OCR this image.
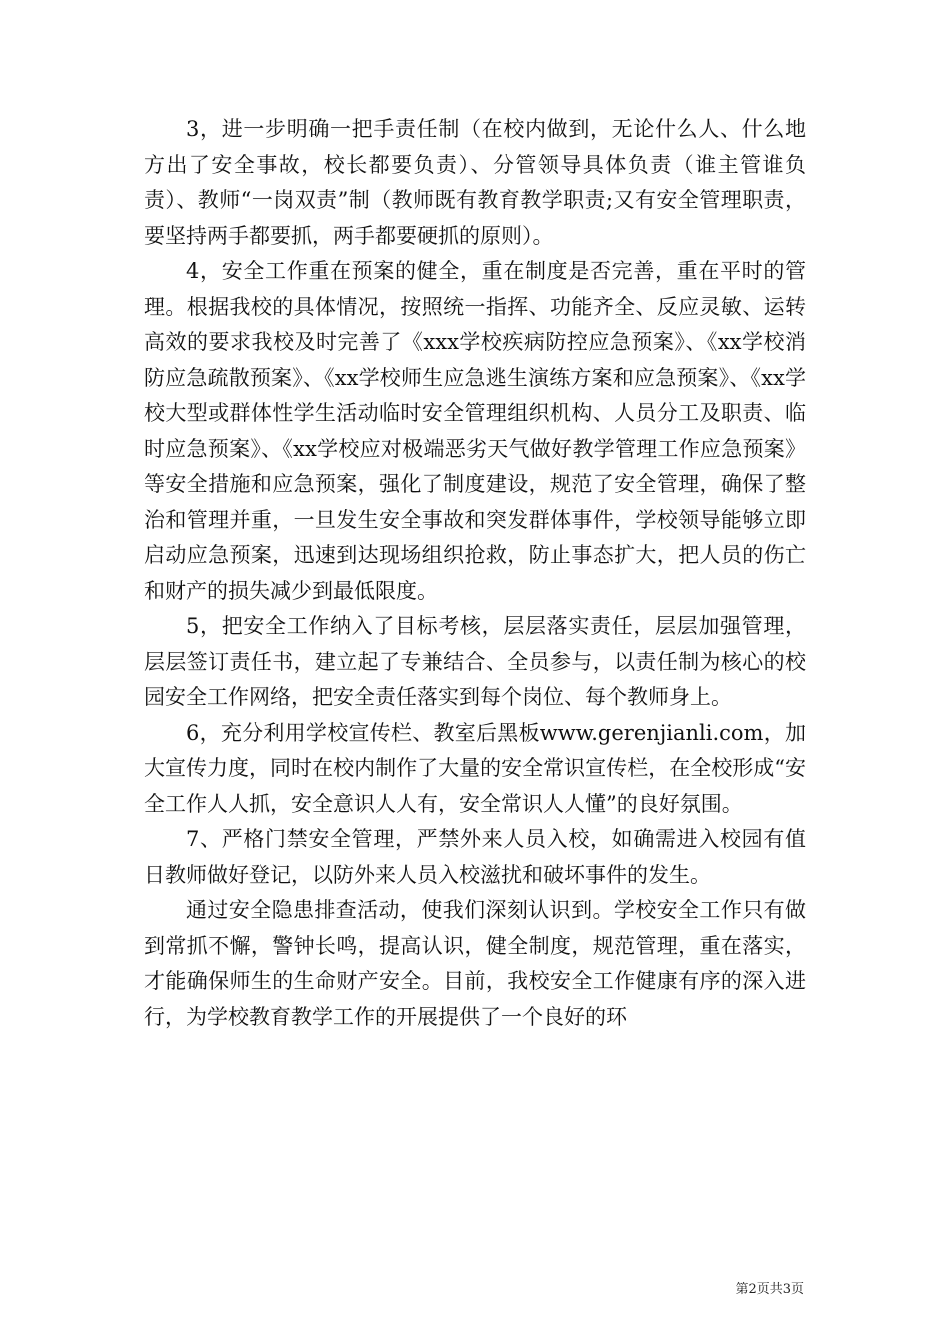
3，进一步明确一把手责任制（在校内做到，无论什么人、什么地方出了安全事故，校长都要负责）、分管领导具体负责（谁主管谁负责）、教师“一岗双责”制（教师既有教育教学职责;又有安全管理职责，要坚持两手都要抓，两手都要硬抓的原则）。

4，安全工作重在预案的健全，重在制度是否完善，重在平时的管理。根据我校的具体情况，按照统一指挥、功能齐全、反应灵敏、运转高效的要求我校及时完善了《xxx学校疾病防控应急预案》、《xx学校消防应急疏散预案》、《xx学校师生应急逃生演练方案和应急预案》、《xx学校大型或群体性学生活动临时安全管理组织机构、人员分工及职责、临时应急预案》、《xx学校应对极端恶劣天气做好教学管理工作应急预案》等安全措施和应急预案，强化了制度建设，规范了安全管理，确保了整治和管理并重，一旦发生安全事故和突发群体事件，学校领导能够立即启动应急预案，迅速到达现场组织抢救，防止事态扩大，把人员的伤亡和财产的损失减少到最低限度。

5，把安全工作纳入了目标考核，层层落实责任，层层加强管理，层层签订责任书，建立起了专兼结合、全员参与，以责任制为核心的校园安全工作网络，把安全责任落实到每个岗位、每个教师身上。

6，充分利用学校宣传栏、教室后黑板www.gerenjianli.com，加大宣传力度，同时在校内制作了大量的安全常识宣传栏，在全校形成“安全工作人人抓，安全意识人人有，安全常识人人懂”的良好氛围。

7、严格门禁安全管理，严禁外来人员入校，如确需进入校园有值日教师做好登记，以防外来人员入校滋扰和破坏事件的发生。

通过安全隐患排查活动，使我们深刻认识到。学校安全工作只有做到常抓不懈，警钟长鸣，提高认识，健全制度，规范管理，重在落实，才能确保师生的生命财产安全。目前，我校安全工作健康有序的深入进行，为学校教育教学工作的开展提供了一个良好的环

第2页共3页
